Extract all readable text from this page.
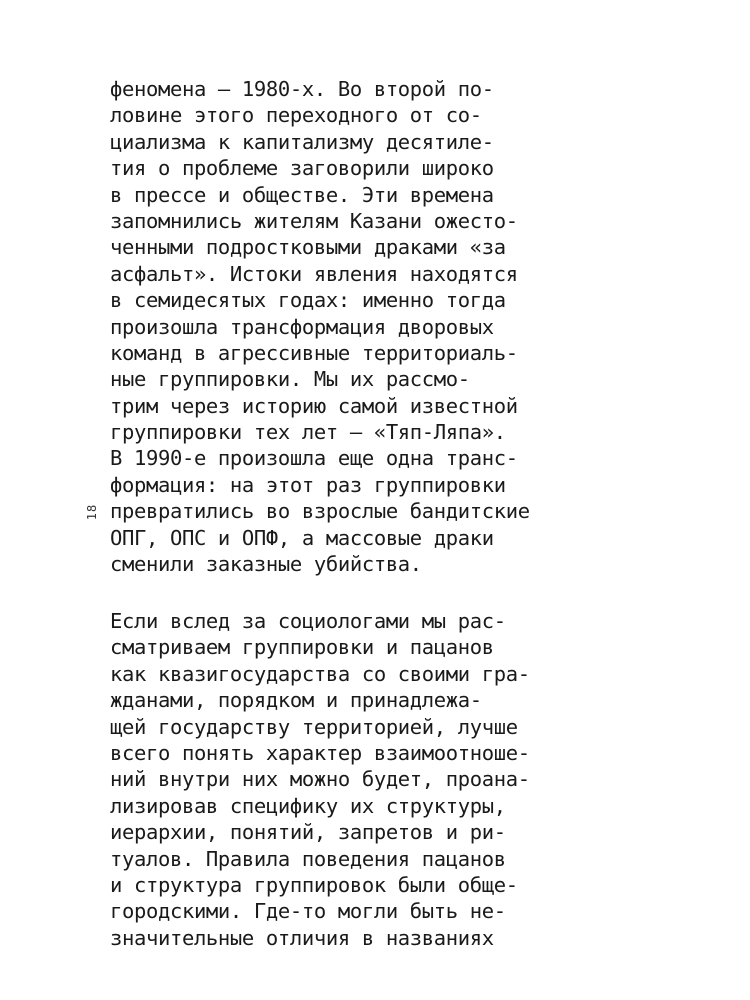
18
феномена — 1980-х. Во второй по-
ловине этого переходного от со-
циализма к капитализму десятиле-
тия о проблеме заговорили широко
в прессе и обществе. Эти времена
запомнились жителям Казани ожесто-
ченными подростковыми драками «за
асфальт». Истоки явления находятся
в семидесятых годах: именно тогда
произошла трансформация дворовых
команд в агрессивные территориаль-
ные группировки. Мы их рассмо-
трим через историю самой известной
группировки тех лет — «Тяп-Ляпа».
В 1990-е произошла еще одна транс-
формация: на этот раз группировки
превратились во взрослые бандитские
ОПГ, ОПС и ОПФ, а массовые драки
сменили заказные убийства.
Если вслед за социологами мы рас-
сматриваем группировки и пацанов
как квазигосударства со своими гра-
жданами, порядком и принадлежа-
щей государству территорией, лучше
всего понять характер взаимоотноше-
ний внутри них можно будет, проана-
лизировав специфику их структуры,
иерархии, понятий, запретов и ри-
туалов. Правила поведения пацанов
и структура группировок были обще-
городскими. Где-то могли быть не-
значительные отличия в названиях
